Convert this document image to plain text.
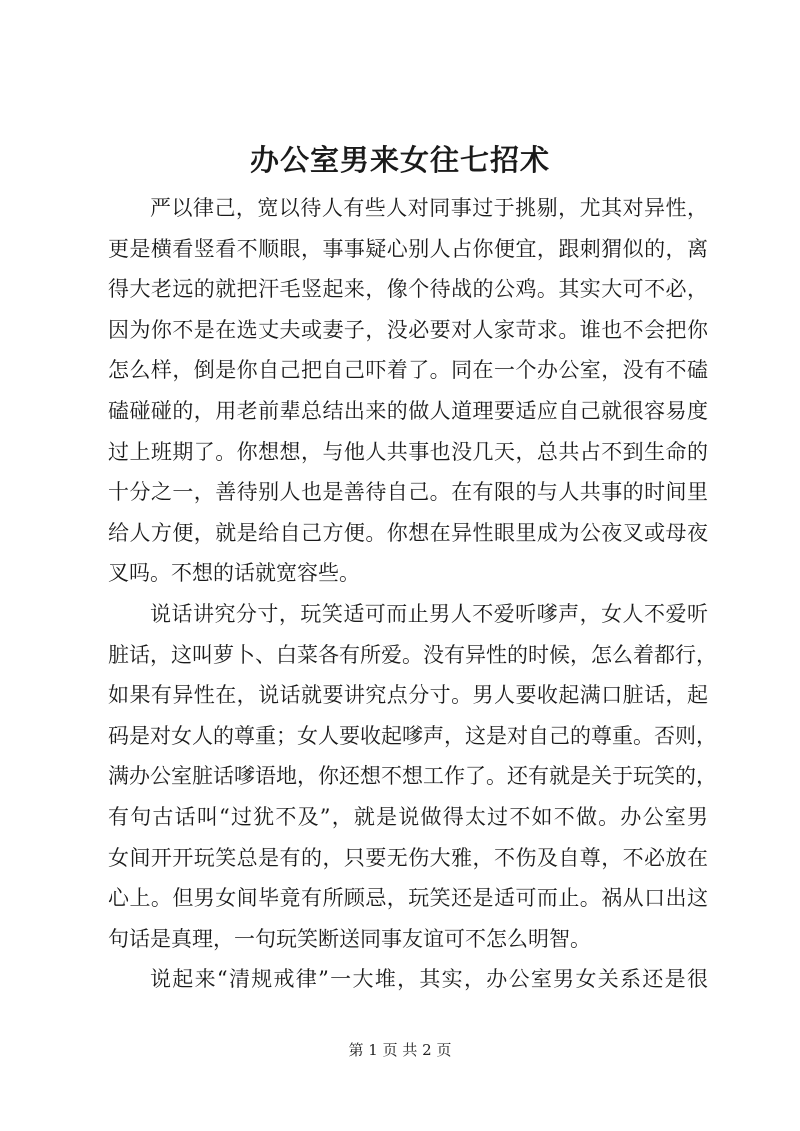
办公室男来女往七招术
严以律己，宽以待人有些人对同事过于挑剔，尤其对异性，
更是横看竖看不顺眼，事事疑心别人占你便宜，跟刺猬似的，离
得大老远的就把汗毛竖起来，像个待战的公鸡。其实大可不必，
因为你不是在选丈夫或妻子，没必要对人家苛求。谁也不会把你
怎么样，倒是你自己把自己吓着了。同在一个办公室，没有不磕
磕碰碰的，用老前辈总结出来的做人道理要适应自己就很容易度
过上班期了。你想想，与他人共事也没几天，总共占不到生命的
十分之一，善待别人也是善待自己。在有限的与人共事的时间里
给人方便，就是给自己方便。你想在异性眼里成为公夜叉或母夜
叉吗。不想的话就宽容些。
说话讲究分寸，玩笑适可而止男人不爱听嗲声，女人不爱听
脏话，这叫萝卜、白菜各有所爱。没有异性的时候，怎么着都行，
如果有异性在，说话就要讲究点分寸。男人要收起满口脏话，起
码是对女人的尊重；女人要收起嗲声，这是对自己的尊重。否则，
满办公室脏话嗲语地，你还想不想工作了。还有就是关于玩笑的，
有句古话叫“过犹不及”，就是说做得太过不如不做。办公室男
女间开开玩笑总是有的，只要无伤大雅，不伤及自尊，不必放在
心上。但男女间毕竟有所顾忌，玩笑还是适可而止。祸从口出这
句话是真理，一句玩笑断送同事友谊可不怎么明智。
说起来“清规戒律”一大堆，其实，办公室男女关系还是很
第 1 页 共 2 页
